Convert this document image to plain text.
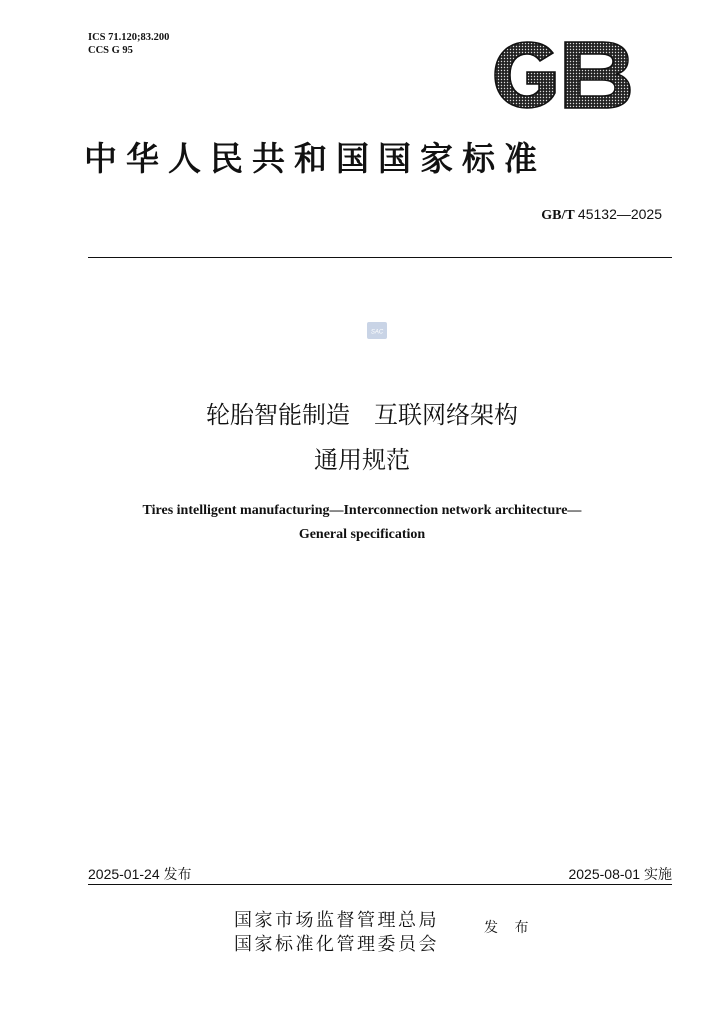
ICS 71.120;83.200
CCS G 95
中华人民共和国国家标准
GB/T 45132—2025
SAC
轮胎智能制造　互联网络架构
通用规范
Tires intelligent manufacturing—Interconnection network architecture—
General specification
2025-01-24 发布	2025-08-01 实施
国家市场监督管理总局
国家标准化管理委员会
发 布
